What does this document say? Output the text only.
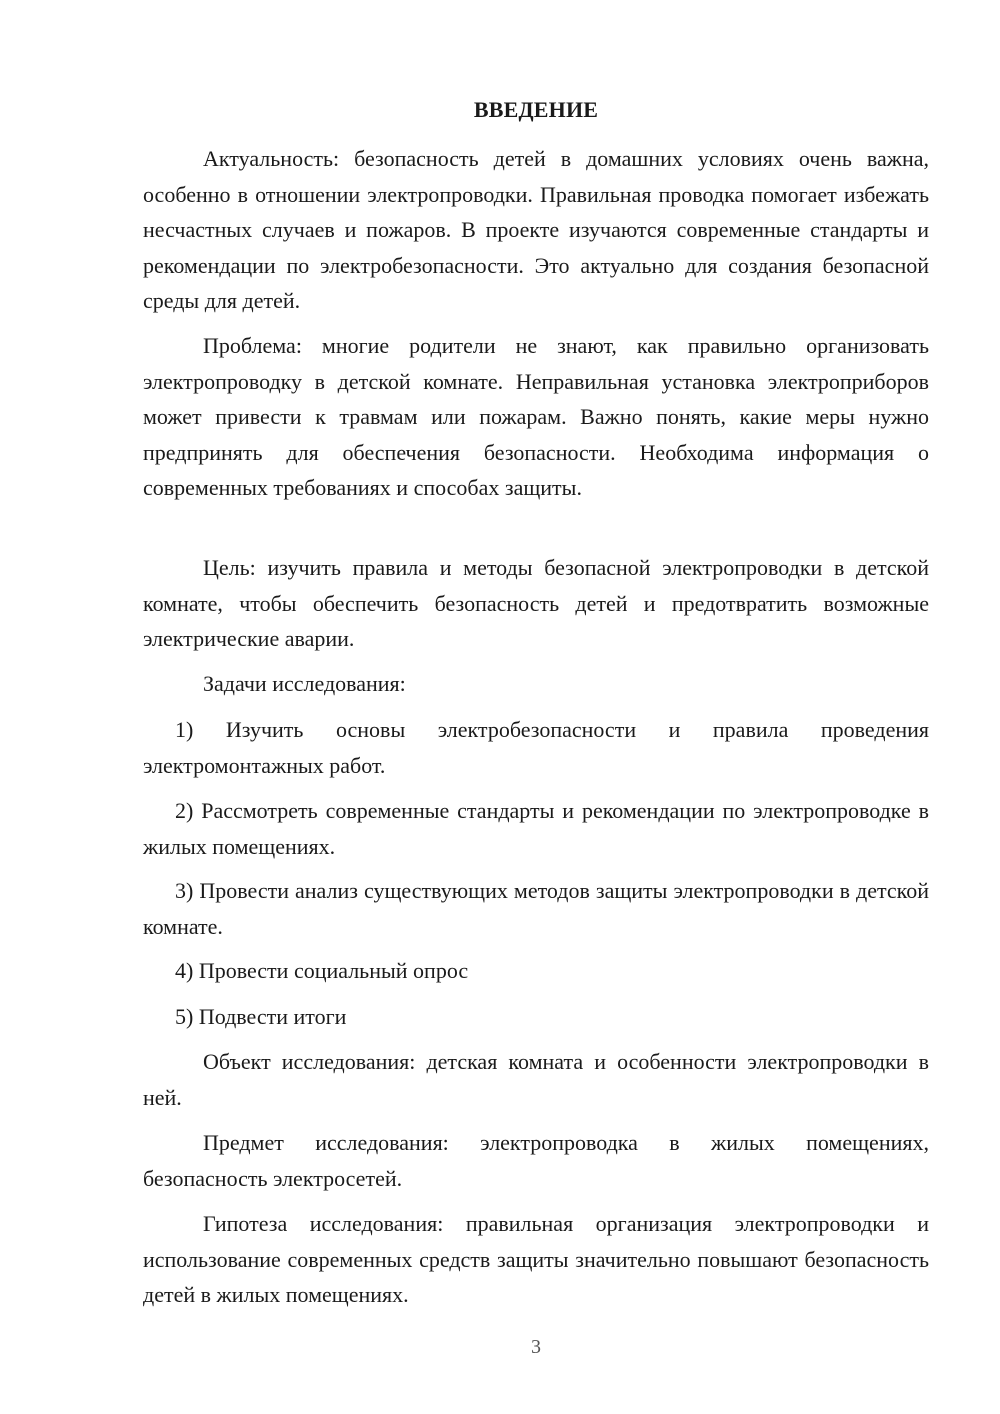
ВВЕДЕНИЕ

Актуальность: безопасность детей в домашних условиях очень важна, особенно в отношении электропроводки. Правильная проводка помогает избежать несчастных случаев и пожаров. В проекте изучаются современные стандарты и рекомендации по электробезопасности. Это актуально для создания безопасной среды для детей.

Проблема: многие родители не знают, как правильно организовать электропроводку в детской комнате. Неправильная установка электроприборов может привести к травмам или пожарам. Важно понять, какие меры нужно предпринять для обеспечения безопасности. Необходима информация о современных требованиях и способах защиты.

Цель: изучить правила и методы безопасной электропроводки в детской комнате, чтобы обеспечить безопасность детей и предотвратить возможные электрические аварии.

Задачи исследования:

1) Изучить основы электробезопасности и правила проведения электромонтажных работ.

2) Рассмотреть современные стандарты и рекомендации по электропроводке в жилых помещениях.

3) Провести анализ существующих методов защиты электропроводки в детской комнате.

4) Провести социальный опрос

5) Подвести итоги

Объект исследования: детская комната и особенности электропроводки в ней.

Предмет исследования: электропроводка в жилых помещениях, безопасность электросетей.

Гипотеза исследования: правильная организация электропроводки и использование современных средств защиты значительно повышают безопасность детей в жилых помещениях.

3
